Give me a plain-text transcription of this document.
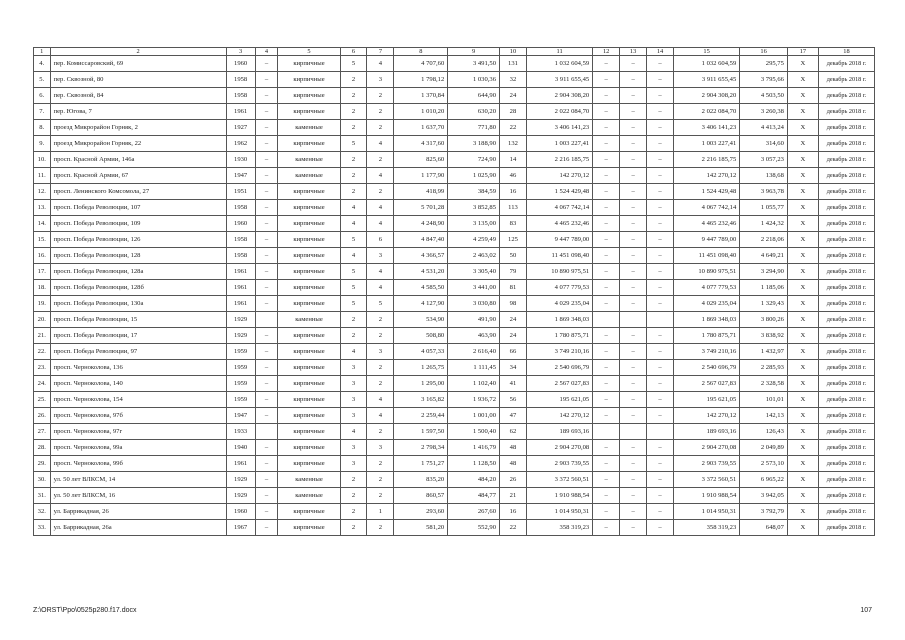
1	2	3	4	5	6	7	8	9	10	11	12	13	14	15	16	17	18
4.	пер. Комиссаровский, 69	1960	–	кирпичные	5	4	4 707,60	3 491,50	131	1 032 604,59	–	–	–	1 032 604,59	295,75	X	декабрь 2018 г.
5.	пер. Сквозной, 80	1958	–	кирпичные	2	3	1 798,12	1 030,36	32	3 911 655,45	–	–	–	3 911 655,45	3 795,66	X	декабрь 2018 г.
6.	пер. Сквозной, 84	1958	–	кирпичные	2	2	1 370,84	644,90	24	2 904 308,20	–	–	–	2 904 308,20	4 503,50	X	декабрь 2018 г.
7.	пер. Югова, 7	1961	–	кирпичные	2	2	1 010,20	630,20	28	2 022 084,70	–	–	–	2 022 084,70	3 260,38	X	декабрь 2018 г.
8.	проезд Микрорайон Горняк, 2	1927	–	каменные	2	2	1 637,70	771,80	22	3 406 141,23	–	–	–	3 406 141,23	4 413,24	X	декабрь 2018 г.
9.	проезд Микрорайон Горняк, 22	1962	–	кирпичные	5	4	4 317,60	3 188,90	132	1 003 227,41	–	–	–	1 003 227,41	314,60	X	декабрь 2018 г.
10.	просп. Красной Армии, 146а	1930	–	каменные	2	2	825,60	724,90	14	2 216 185,75	–	–	–	2 216 185,75	3 057,23	X	декабрь 2018 г.
11.	просп. Красной Армии, 67	1947	–	каменные	2	4	1 177,90	1 025,90	46	142 270,12	–	–	–	142 270,12	138,68	X	декабрь 2018 г.
12.	просп. Ленинского Комсомола, 27	1951	–	кирпичные	2	2	418,99	384,59	16	1 524 429,48	–	–	–	1 524 429,48	3 963,78	X	декабрь 2018 г.
13.	просп. Победа Революции, 107	1958	–	кирпичные	4	4	5 701,28	3 852,85	113	4 067 742,14	–	–	–	4 067 742,14	1 055,77	X	декабрь 2018 г.
14.	просп. Победа Революции, 109	1960	–	кирпичные	4	4	4 248,90	3 135,00	83	4 465 232,46	–	–	–	4 465 232,46	1 424,32	X	декабрь 2018 г.
15.	просп. Победа Революции, 126	1958	–	кирпичные	5	6	4 847,40	4 259,49	125	9 447 789,00	–	–	–	9 447 789,00	2 218,06	X	декабрь 2018 г.
16.	просп. Победа Революции, 128	1958	–	кирпичные	4	3	4 366,57	2 463,02	50	11 451 098,40	–	–	–	11 451 098,40	4 649,21	X	декабрь 2018 г.
17.	просп. Победа Революции, 128а	1961	–	кирпичные	5	4	4 531,20	3 305,40	79	10 890 975,51	–	–	–	10 890 975,51	3 294,90	X	декабрь 2018 г.
18.	просп. Победа Революции, 128б	1961	–	кирпичные	5	4	4 585,50	3 441,00	81	4 077 779,53	–	–	–	4 077 779,53	1 185,06	X	декабрь 2018 г.
19.	просп. Победа Революции, 130а	1961	–	кирпичные	5	5	4 127,90	3 030,80	98	4 029 235,04	–	–	–	4 029 235,04	1 329,43	X	декабрь 2018 г.
20.	просп. Победа Революции, 15	1929		каменные	2	2	534,90	491,90	24	1 869 348,03				1 869 348,03	3 800,26	X	декабрь 2018 г.
21.	просп. Победа Революции, 17	1929	–	кирпичные	2	2	508,80	463,90	24	1 780 875,71	–	–	–	1 780 875,71	3 838,92	X	декабрь 2018 г.
22.	просп. Победа Революции, 97	1959	–	кирпичные	4	3	4 057,33	2 616,40	66	3 749 210,16	–	–	–	3 749 210,16	1 432,97	X	декабрь 2018 г.
23.	просп. Черноколова, 136	1959	–	кирпичные	3	2	1 265,75	1 111,45	34	2 540 696,79	–	–	–	2 540 696,79	2 285,93	X	декабрь 2018 г.
24.	просп. Черноколова, 140	1959	–	кирпичные	3	2	1 295,00	1 102,40	41	2 567 027,83	–	–	–	2 567 027,83	2 328,58	X	декабрь 2018 г.
25.	просп. Черноколова, 154	1959	–	кирпичные	3	4	3 165,82	1 936,72	56	195 621,05	–	–	–	195 621,05	101,01	X	декабрь 2018 г.
26.	просп. Черноколова, 97б	1947	–	кирпичные	3	4	2 259,44	1 001,00	47	142 270,12	–	–	–	142 270,12	142,13	X	декабрь 2018 г.
27.	просп. Черноколова, 97г	1933		кирпичные	4	2	1 597,50	1 500,40	62	189 693,16				189 693,16	126,43	X	декабрь 2018 г.
28.	просп. Черноколова, 99а	1940	–	кирпичные	3	3	2 798,34	1 416,79	48	2 904 270,08	–	–	–	2 904 270,08	2 049,89	X	декабрь 2018 г.
29.	просп. Черноколова, 99б	1961	–	кирпичные	3	2	1 751,27	1 128,50	48	2 903 739,55	–	–	–	2 903 739,55	2 573,10	X	декабрь 2018 г.
30.	ул. 50 лет ВЛКСМ, 14	1929	–	каменные	2	2	835,20	484,20	26	3 372 560,51	–	–	–	3 372 560,51	6 965,22	X	декабрь 2018 г.
31.	ул. 50 лет ВЛКСМ, 16	1929	–	каменные	2	2	860,57	484,77	21	1 910 988,54	–	–	–	1 910 988,54	3 942,05	X	декабрь 2018 г.
32.	ул. Баррикадная, 26	1960	–	кирпичные	2	1	293,60	267,60	16	1 014 950,31	–	–	–	1 014 950,31	3 792,79	X	декабрь 2018 г.
33.	ул. Баррикадная, 26а	1967	–	кирпичные	2	2	581,20	552,90	22	358 319,23	–	–	–	358 319,23	648,07	X	декабрь 2018 г.
Z:\ORST\Ppo\0525p280.f17.docx	107
